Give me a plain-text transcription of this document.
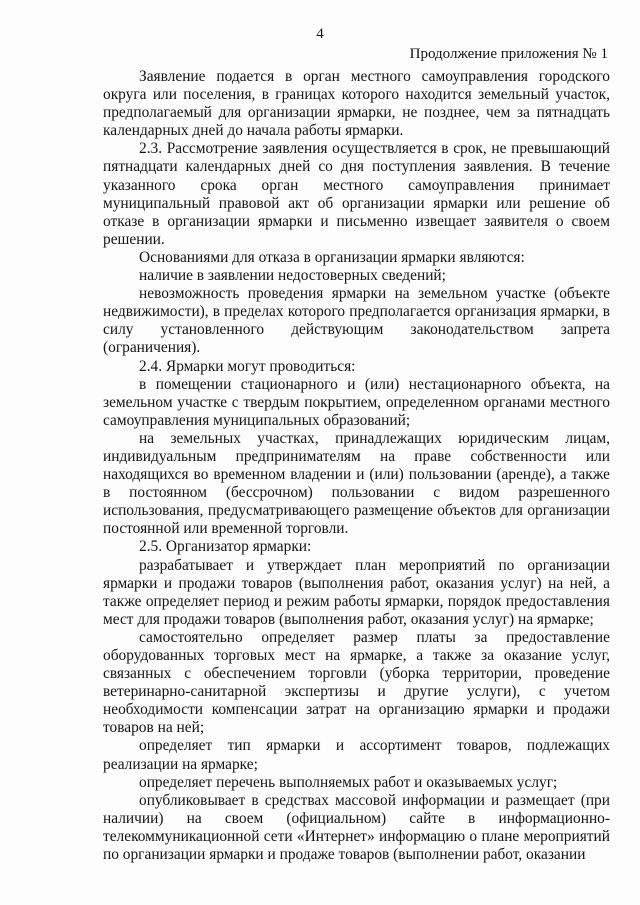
4
Продолжение приложения № 1

Заявление подается в орган местного самоуправления городского округа или поселения, в границах которого находится земельный участок, предполагаемый для организации ярмарки, не позднее, чем за пятнадцать календарных дней до начала работы ярмарки.

2.3. Рассмотрение заявления осуществляется в срок, не превышающий пятнадцати календарных дней со дня поступления заявления. В течение указанного срока орган местного самоуправления принимает муниципальный правовой акт об организации ярмарки или решение об отказе в организации ярмарки и письменно извещает заявителя о своем решении.

Основаниями для отказа в организации ярмарки являются:

наличие в заявлении недостоверных сведений;

невозможность проведения ярмарки на земельном участке (объекте недвижимости), в пределах которого предполагается организация ярмарки, в силу установленного действующим законодательством запрета (ограничения).

2.4. Ярмарки могут проводиться:

в помещении стационарного и (или) нестационарного объекта, на земельном участке с твердым покрытием, определенном органами местного самоуправления муниципальных образований;

на земельных участках, принадлежащих юридическим лицам, индивидуальным предпринимателям на праве собственности или находящихся во временном владении и (или) пользовании (аренде), а также в постоянном (бессрочном) пользовании с видом разрешенного использования, предусматривающего размещение объектов для организации постоянной или временной торговли.

2.5. Организатор ярмарки:

разрабатывает и утверждает план мероприятий по организации ярмарки и продажи товаров (выполнения работ, оказания услуг) на ней, а также определяет период и режим работы ярмарки, порядок предоставления мест для продажи товаров (выполнения работ, оказания услуг) на ярмарке;

самостоятельно определяет размер платы за предоставление оборудованных торговых мест на ярмарке, а также за оказание услуг, связанных с обеспечением торговли (уборка территории, проведение ветеринарно-санитарной экспертизы и другие услуги), с учетом необходимости компенсации затрат на организацию ярмарки и продажи товаров на ней;

определяет тип ярмарки и ассортимент товаров, подлежащих реализации на ярмарке;

определяет перечень выполняемых работ и оказываемых услуг;

опубликовывает в средствах массовой информации и размещает (при наличии) на своем (официальном) сайте в информационно-телекоммуникационной сети «Интернет» информацию о плане мероприятий по организации ярмарки и продаже товаров (выполнении работ, оказании
